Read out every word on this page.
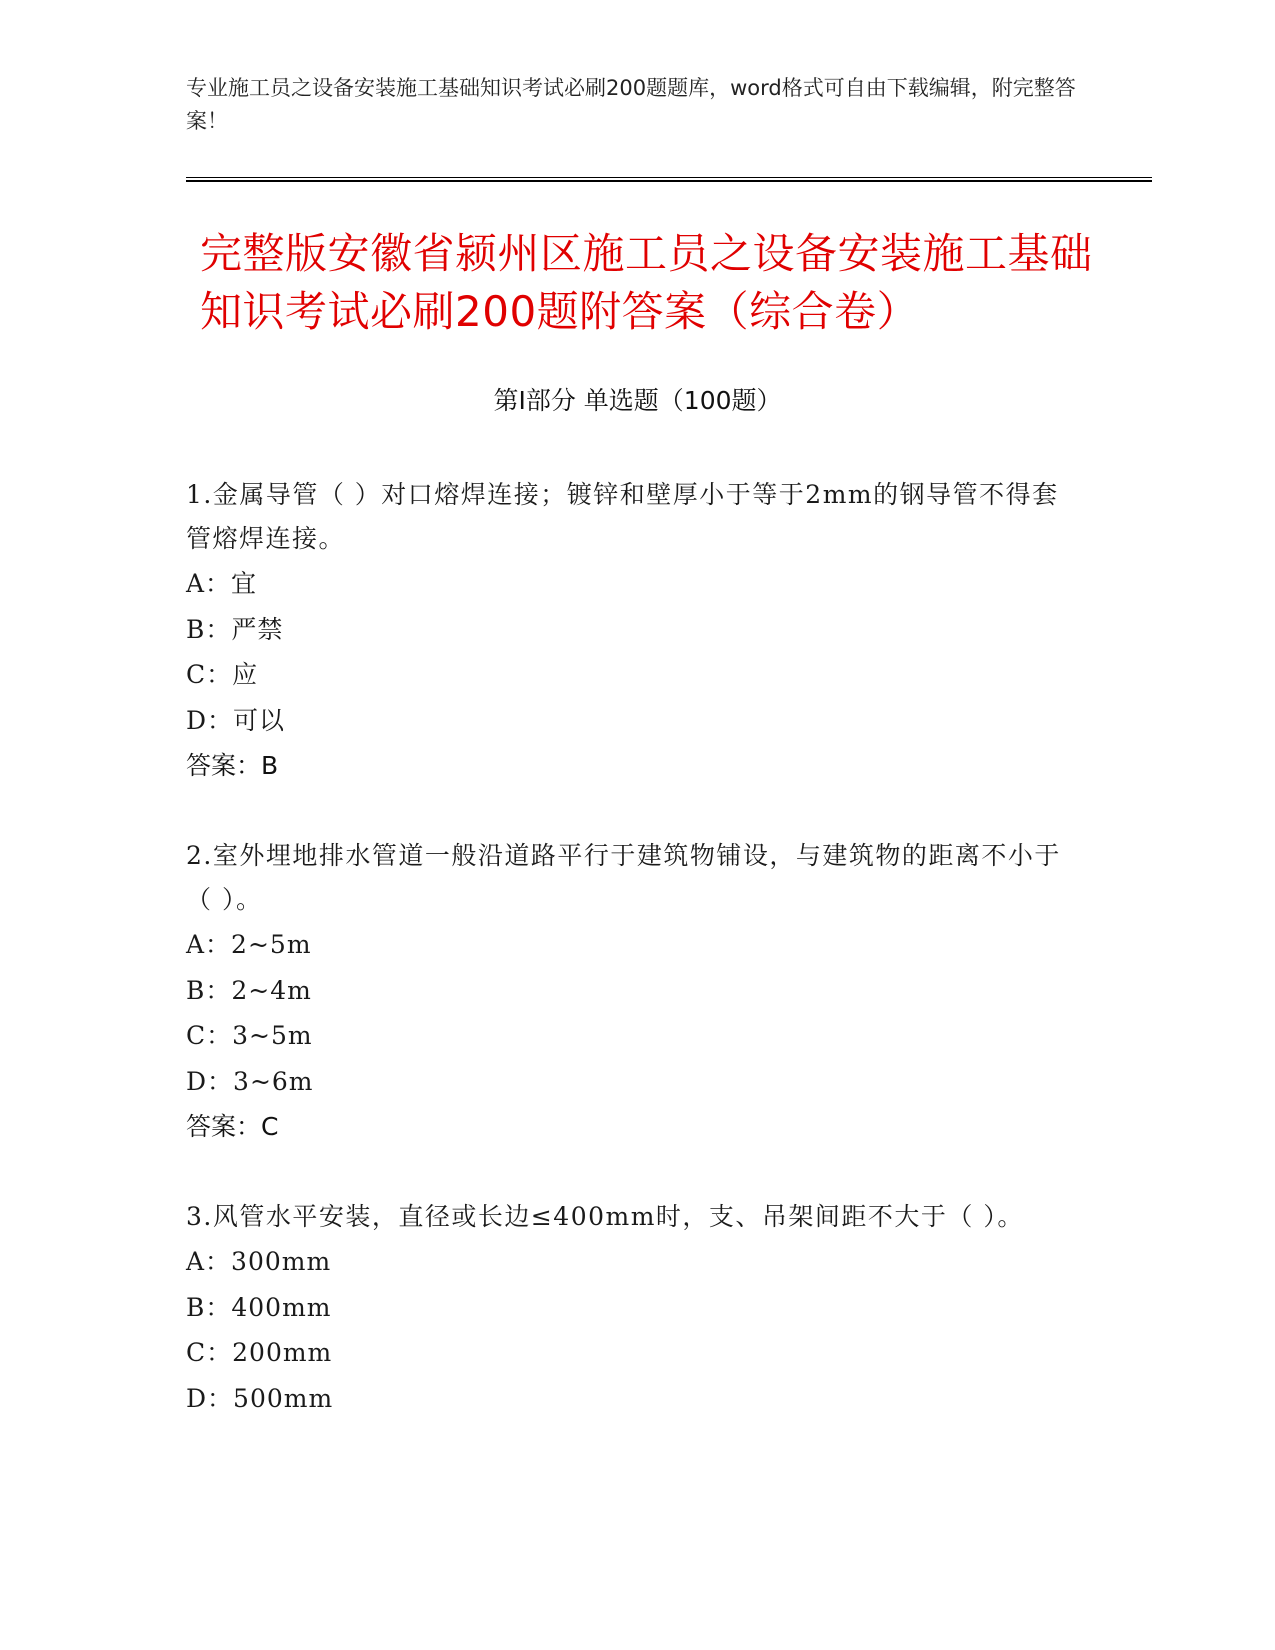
专业施工员之设备安装施工基础知识考试必刷200题题库，word格式可自由下载编辑，附完整答案！
完整版安徽省颍州区施工员之设备安装施工基础知识考试必刷200题附答案（综合卷）
第I部分 单选题（100题）
1.金属导管（ ）对口熔焊连接；镀锌和壁厚小于等于2mm的钢导管不得套管熔焊连接。
A：宜
B：严禁
C：应
D：可以
答案：B
2.室外埋地排水管道一般沿道路平行于建筑物铺设，与建筑物的距离不小于（ ）。
A：2~5m
B：2~4m
C：3~5m
D：3~6m
答案：C
3.风管水平安装，直径或长边≤400mm时，支、吊架间距不大于（ ）。
A：300mm
B：400mm
C：200mm
D：500mm
